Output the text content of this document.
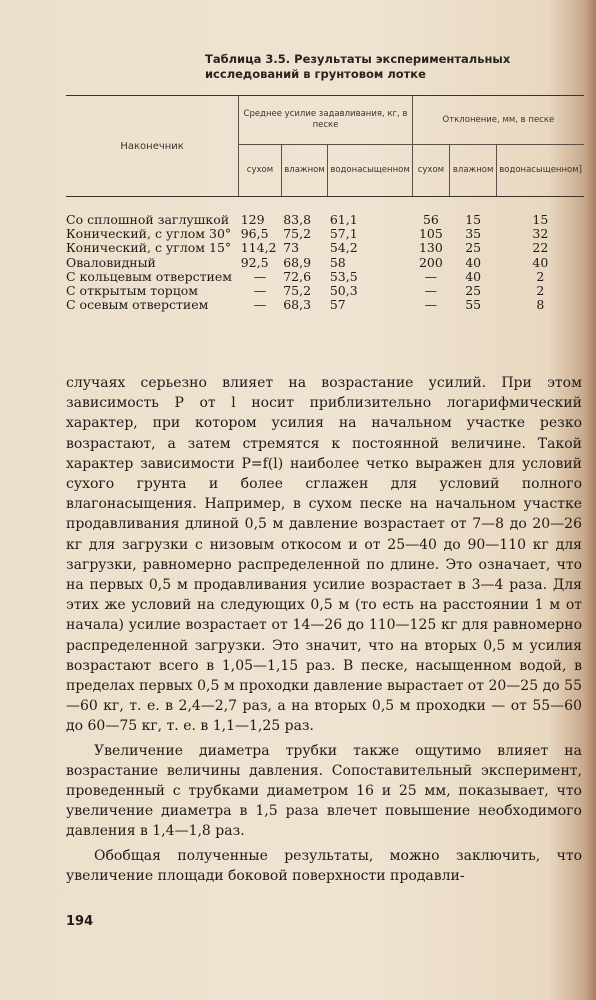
Таблица 3.5. Результаты экспериментальных
исследований в грунтовом лотке
Наконечник	Среднее усилие задавливания, кг, в песке			Отклонение, мм, в песке		
	сухом	влажном	водонасыщенном	сухом	влажном	водонасыщенном]
Со сплошной заглушкой	129	83,8	61,1	56	15	15
Конический, с углом 30°	96,5	75,2	57,1	105	35	32
Конический, с углом 15°	114,2	73	54,2	130	25	22
Оваловидный	92,5	68,9	58	200	40	40
С кольцевым отверстием	—	72,6	53,5	—	40	2
С открытым торцом	—	75,2	50,3	—	25	2
С осевым отверстием	—	68,3	57	—	55	8

случаях серьезно влияет на возрастание усилий. При этом зависимость P от l носит приблизительно логарифмический характер, при котором усилия на начальном участке резко возрастают, а затем стремятся к постоянной величине. Такой характер зависимости P=f(l) наиболее четко выражен для условий сухого грунта и более сглажен для условий полного влагонасыщения. Например, в сухом песке на начальном участке продавливания длиной 0,5 м давление возрастает от 7—8 до 20—26 кг для загрузки с низовым откосом и от 25—40 до 90—110 кг для загрузки, равномерно распределенной по длине. Это означает, что на первых 0,5 м продавливания усилие возрастает в 3—4 раза. Для этих же условий на следующих 0,5 м (то есть на расстоянии 1 м от начала) усилие возрастает от 14—26 до 110—125 кг для равномерно распределенной загрузки. Это значит, что на вторых 0,5 м усилия возрастают всего в 1,05—1,15 раз. В песке, насыщенном водой, в пределах первых 0,5 м проходки давление вырастает от 20—25 до 55—60 кг, т. е. в 2,4—2,7 раз, а на вторых 0,5 м проходки — от 55—60 до 60—75 кг, т. е. в 1,1—1,25 раз.

Увеличение диаметра трубки также ощутимо влияет на возрастание величины давления. Сопоставительный эксперимент, проведенный с трубками диаметром 16 и 25 мм, показывает, что увеличение диаметра в 1,5 раза влечет повышение необходимого давления в 1,4—1,8 раз.

Обобщая полученные результаты, можно заключить, что увеличение площади боковой поверхности продавли-

194
